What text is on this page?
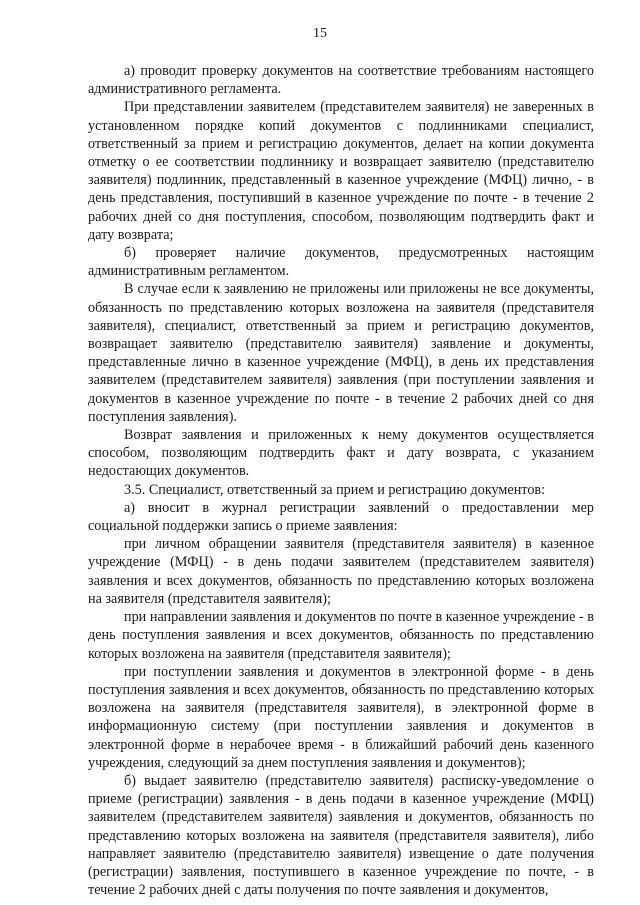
15

а) проводит проверку документов на соответствие требованиям настоящего административного регламента.

При представлении заявителем (представителем заявителя) не заверенных в установленном порядке копий документов с подлинниками специалист, ответственный за прием и регистрацию документов, делает на копии документа отметку о ее соответствии подлиннику и возвращает заявителю (представителю заявителя) подлинник, представленный в казенное учреждение (МФЦ) лично, - в день представления, поступивший в казенное учреждение по почте - в течение 2 рабочих дней со дня поступления, способом, позволяющим подтвердить факт и дату возврата;

б) проверяет наличие документов, предусмотренных настоящим административным регламентом.

В случае если к заявлению не приложены или приложены не все документы, обязанность по представлению которых возложена на заявителя (представителя заявителя), специалист, ответственный за прием и регистрацию документов, возвращает заявителю (представителю заявителя) заявление и документы, представленные лично в казенное учреждение (МФЦ), в день их представления заявителем (представителем заявителя) заявления (при поступлении заявления и документов в казенное учреждение по почте - в течение 2 рабочих дней со дня поступления заявления).

Возврат заявления и приложенных к нему документов осуществляется способом, позволяющим подтвердить факт и дату возврата, с указанием недостающих документов.

3.5. Специалист, ответственный за прием и регистрацию документов:

а) вносит в журнал регистрации заявлений о предоставлении мер социальной поддержки запись о приеме заявления:

при личном обращении заявителя (представителя заявителя) в казенное учреждение (МФЦ) - в день подачи заявителем (представителем заявителя) заявления и всех документов, обязанность по представлению которых возложена на заявителя (представителя заявителя);

при направлении заявления и документов по почте в казенное учреждение - в день поступления заявления и всех документов, обязанность по представлению которых возложена на заявителя (представителя заявителя);

при поступлении заявления и документов в электронной форме - в день поступления заявления и всех документов, обязанность по представлению которых возложена на заявителя (представителя заявителя), в электронной форме в информационную систему (при поступлении заявления и документов в электронной форме в нерабочее время - в ближайший рабочий день казенного учреждения, следующий за днем поступления заявления и документов);

б) выдает заявителю (представителю заявителя) расписку-уведомление о приеме (регистрации) заявления - в день подачи в казенное учреждение (МФЦ) заявителем (представителем заявителя) заявления и документов, обязанность по представлению которых возложена на заявителя (представителя заявителя), либо направляет заявителю (представителю заявителя) извещение о дате получения (регистрации) заявления, поступившего в казенное учреждение по почте, - в течение 2 рабочих дней с даты получения по почте заявления и документов,
